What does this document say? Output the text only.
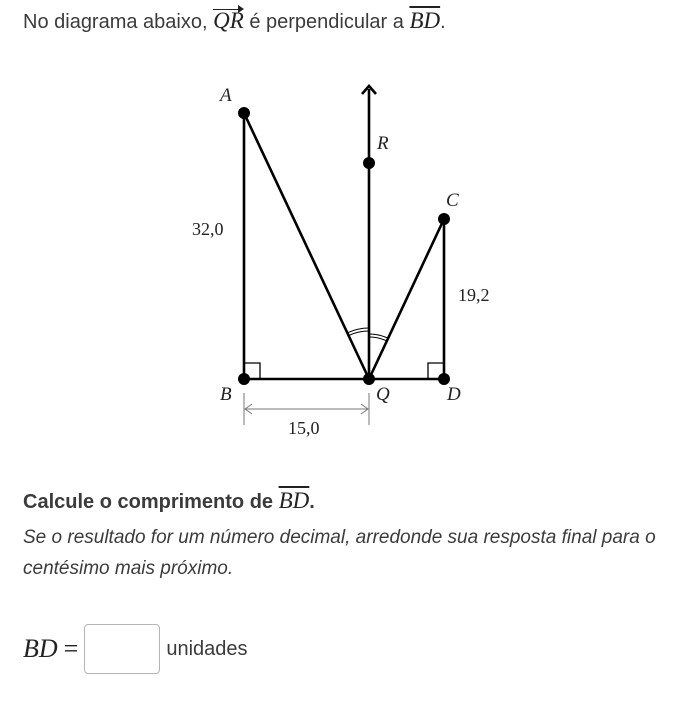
No diagrama abaixo, QR é perpendicular a $\overline{BD}$.
A
R
C
B	Q	D
32,0
19,2
15,0
Calcule o comprimento de $\overline{BD}$.
Se o resultado for um número decimal, arredonde sua resposta final para o centésimo mais próximo.
BD =	unidades
